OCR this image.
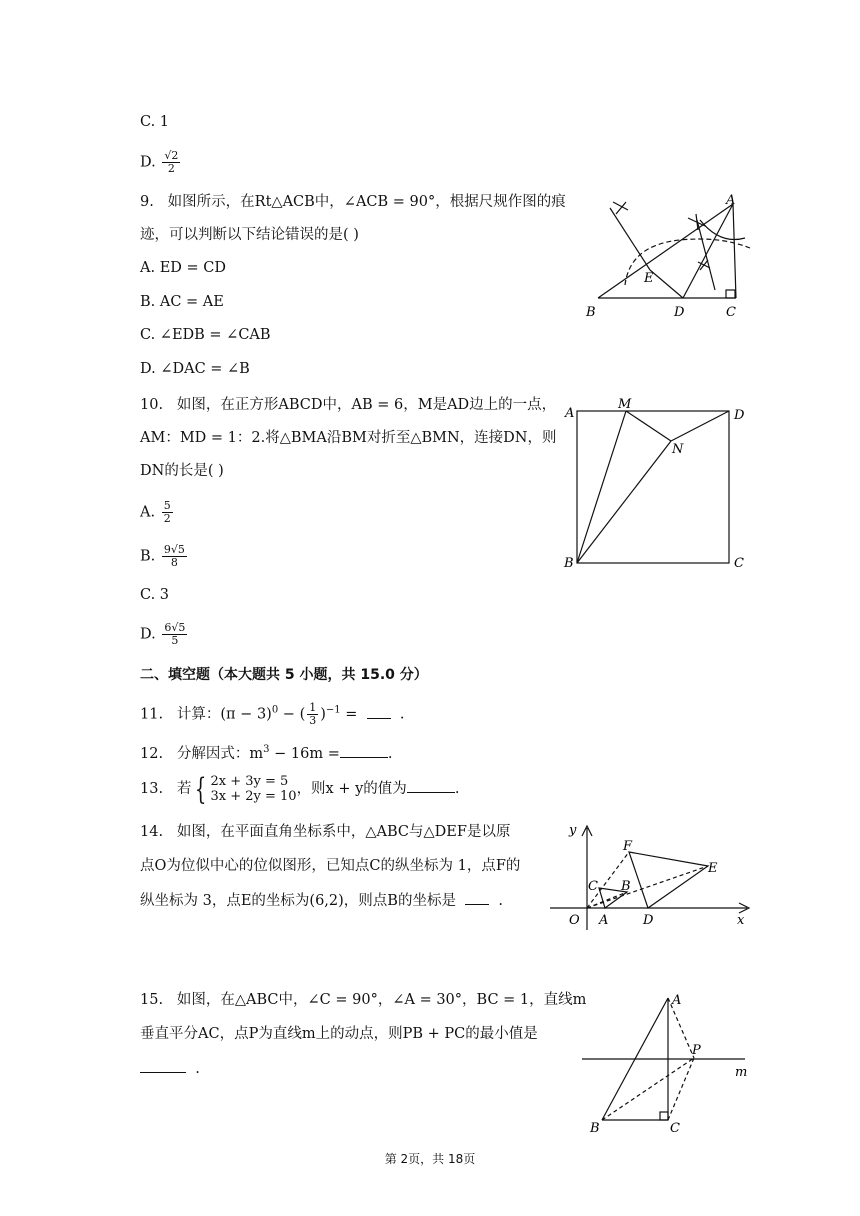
C. 1
D. $\frac{√2}{2}$
9. 如图所示，在Rt△ACB中，∠ACB = 90°，根据尺规作图的痕
迹，可以判断以下结论错误的是( )
A. ED = CD
B. AC = AE
C. ∠EDB = ∠CAB
D. ∠DAC = ∠B
A
B	C
D
E
10. 如图，在正方形ABCD中，AB = 6，M是AD边上的一点，
AM：MD = 1：2.将△BMA沿BM对折至△BMN，连接DN，则
DN的长是( )
A. $\frac{5}{2}$
B. $\frac{9√5}{8}$
C. 3
D. $\frac{6√5}{5}$
A
M
D
N
B	C
二、填空题（本大题共 5 小题，共 15.0 分）
11. 计算：$(\pi - 3)^0$ − ( $\frac{1}{3} )^{-1}$ =	.
12. 分解因式：$m^3 - 16m$ =	.
13. 若 { 2x + 3y = 5
3x + 2y = 10 ，则x + y的值为	.
14. 如图，在平面直角坐标系中，△ABC与△DEF是以原
点O为位似中心的位似图形，已知点C的纵坐标为 1，点F的
纵坐标为 3，点E的坐标为(6,2)，则点B的坐标是	.
y
x
O A	D
C B
F
E
15. 如图，在△ABC中，∠C = 90°，∠A = 30°，BC = 1，直线m
垂直平分AC，点P为直线m上的动点，则PB + PC的最小值是
.
A
P
m
B	C
第 2页，共 18页
